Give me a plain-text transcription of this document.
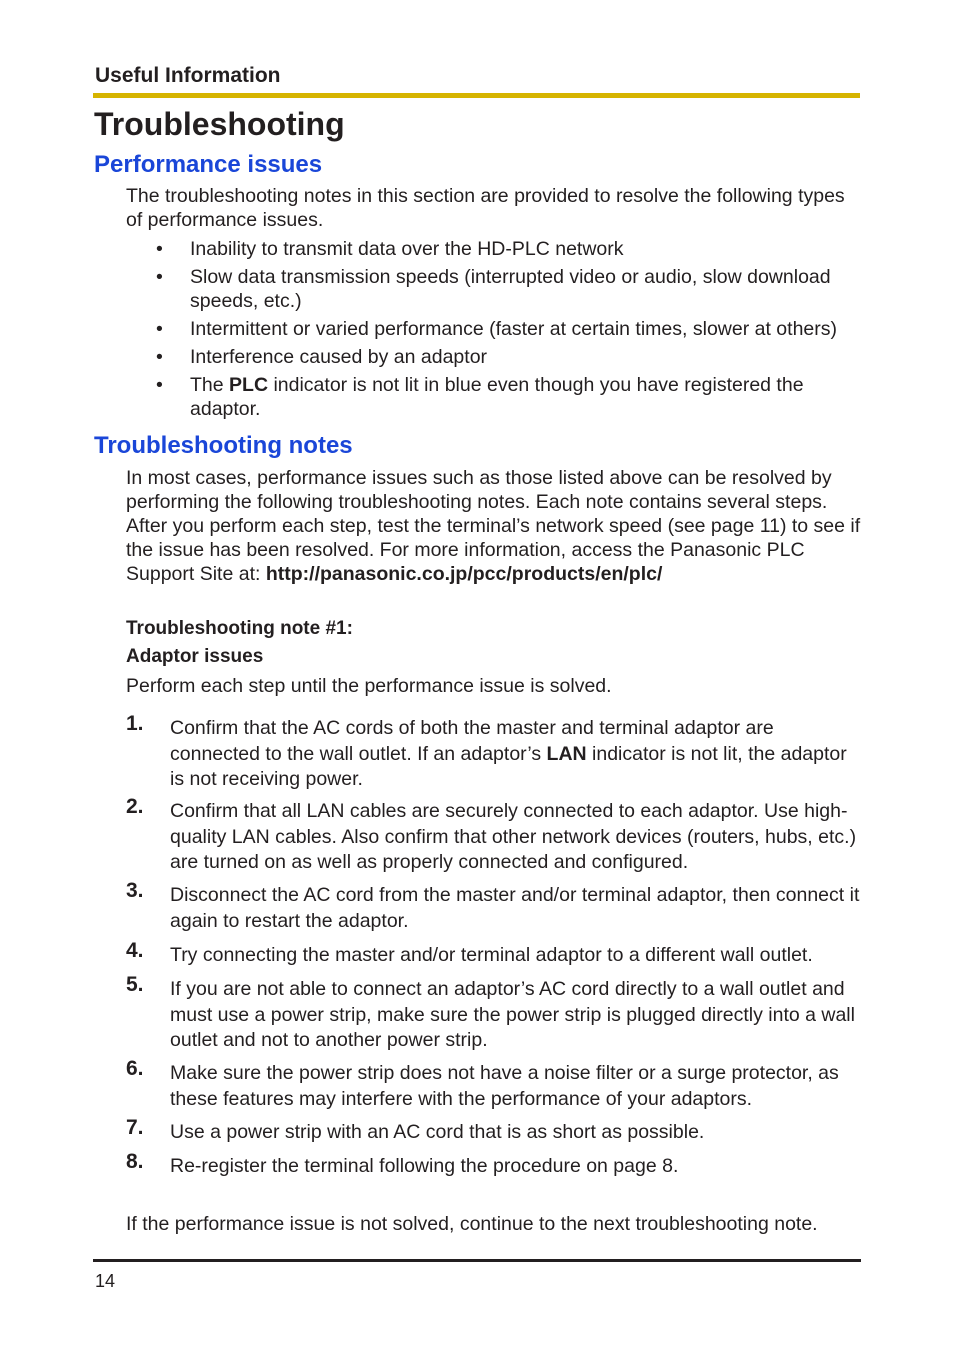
Useful Information
Troubleshooting
Performance issues

The troubleshooting notes in this section are provided to resolve the following types of performance issues.

• Inability to transmit data over the HD-PLC network
• Slow data transmission speeds (interrupted video or audio, slow download speeds, etc.)
• Intermittent or varied performance (faster at certain times, slower at others)
• Interference caused by an adaptor
• The PLC indicator is not lit in blue even though you have registered the adaptor.
Troubleshooting notes

In most cases, performance issues such as those listed above can be resolved by performing the following troubleshooting notes. Each note contains several steps. After you perform each step, test the terminal’s network speed (see page 11) to see if the issue has been resolved. For more information, access the Panasonic PLC Support Site at: http://panasonic.co.jp/pcc/products/en/plc/

Troubleshooting note #1:
Adaptor issues

Perform each step until the performance issue is solved.

1. Confirm that the AC cords of both the master and terminal adaptor are connected to the wall outlet. If an adaptor’s LAN indicator is not lit, the adaptor is not receiving power.

2. Confirm that all LAN cables are securely connected to each adaptor. Use high-quality LAN cables. Also confirm that other network devices (routers, hubs, etc.) are turned on as well as properly connected and configured.

3. Disconnect the AC cord from the master and/or terminal adaptor, then connect it again to restart the adaptor.

4. Try connecting the master and/or terminal adaptor to a different wall outlet.

5. If you are not able to connect an adaptor’s AC cord directly to a wall outlet and must use a power strip, make sure the power strip is plugged directly into a wall outlet and not to another power strip.

6. Make sure the power strip does not have a noise filter or a surge protector, as these features may interfere with the performance of your adaptors.

7. Use a power strip with an AC cord that is as short as possible.

8. Re-register the terminal following the procedure on page 8.

If the performance issue is not solved, continue to the next troubleshooting note.

14
